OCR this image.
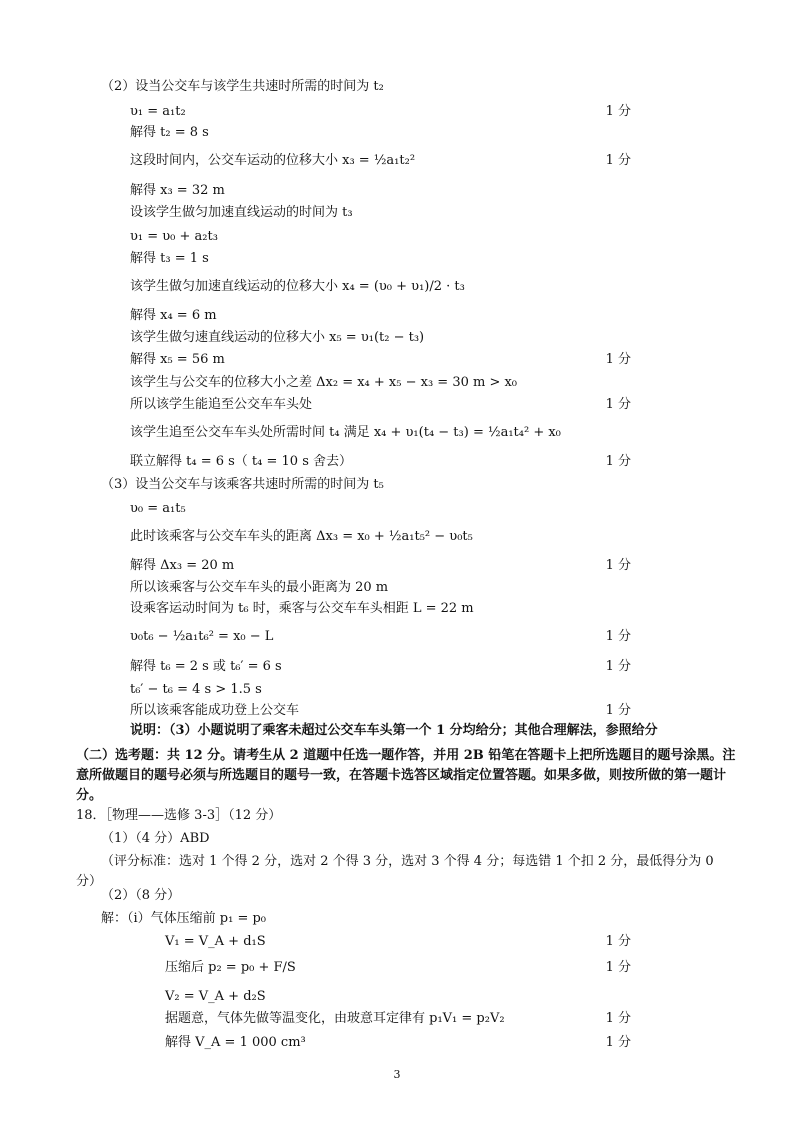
（2）设当公交车与该学生共速时所需的时间为 t₂
υ₁ = a₁t₂	1 分
解得 t₂ = 8 s
这段时间内，公交车运动的位移大小 x₃ = ½a₁t₂²	1 分
解得 x₃ = 32 m
设该学生做匀加速直线运动的时间为 t₃
υ₁ = υ₀ + a₂t₃
解得 t₃ = 1 s
该学生做匀加速直线运动的位移大小 x₄ = (υ₀ + υ₁)/2 · t₃
解得 x₄ = 6 m
该学生做匀速直线运动的位移大小 x₅ = υ₁(t₂ − t₃)
解得 x₅ = 56 m	1 分
该学生与公交车的位移大小之差 Δx₂ = x₄ + x₅ − x₃ = 30 m > x₀
所以该学生能追至公交车车头处	1 分
该学生追至公交车车头处所需时间 t₄ 满足 x₄ + υ₁(t₄ − t₃) = ½a₁t₄² + x₀
联立解得 t₄ = 6 s（ t₄ = 10 s 舍去）	1 分
（3）设当公交车与该乘客共速时所需的时间为 t₅
υ₀ = a₁t₅
此时该乘客与公交车车头的距离 Δx₃ = x₀ + ½a₁t₅² − υ₀t₅
解得 Δx₃ = 20 m	1 分
所以该乘客与公交车车头的最小距离为 20 m
设乘客运动时间为 t₆ 时，乘客与公交车车头相距 L = 22 m
υ₀t₆ − ½a₁t₆² = x₀ − L	1 分
解得 t₆ = 2 s 或 t₆′ = 6 s	1 分
t₆′ − t₆ = 4 s > 1.5 s
所以该乘客能成功登上公交车	1 分
说明：（3）小题说明了乘客未超过公交车车头第一个 1 分均给分；其他合理解法，参照给分
（二）选考题：共 12 分。请考生从 2 道题中任选一题作答，并用 2B 铅笔在答题卡上把所选题目的题号涂黑。注意所做题目的题号必须与所选题目的题号一致，在答题卡选答区域指定位置答题。如果多做，则按所做的第一题计分。
18．［物理——选修 3-3］（12 分）
（1）（4 分）ABD
（评分标准：选对 1 个得 2 分，选对 2 个得 3 分，选对 3 个得 4 分；每选错 1 个扣 2 分，最低得分为 0 分）
（2）（8 分）
解：（ⅰ）气体压缩前 p₁ = p₀
V₁ = V_A + d₁S	1 分
压缩后 p₂ = p₀ + F/S	1 分
V₂ = V_A + d₂S
据题意，气体先做等温变化，由玻意耳定律有 p₁V₁ = p₂V₂	1 分
解得 V_A = 1 000 cm³	1 分
3
